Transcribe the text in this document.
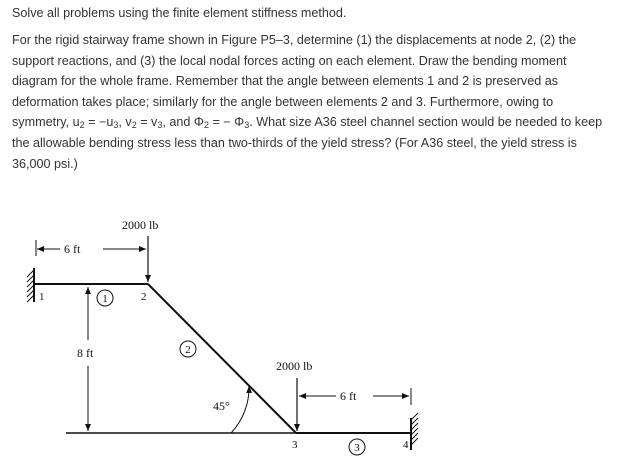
Solve all problems using the finite element stiffness method.

For the rigid stairway frame shown in Figure P5–3, determine (1) the displacements at node 2, (2) the support reactions, and (3) the local nodal forces acting on each element. Draw the bending moment diagram for the whole frame. Remember that the angle between elements 1 and 2 is preserved as deformation takes place; similarly for the angle between elements 2 and 3. Furthermore, owing to symmetry, $u_2 = -u_3$, $v_2 = v_3$, and $\Phi_2$ = − $\Phi_3$. What size A36 steel channel section would be needed to keep the allowable bending stress less than two-thirds of the yield stress? (For A36 steel, the yield stress is 36,000 psi.)

6 ft
2000 lb
8 ft
1	2
3	4
1
2
3
2000 lb
6 ft
45°
